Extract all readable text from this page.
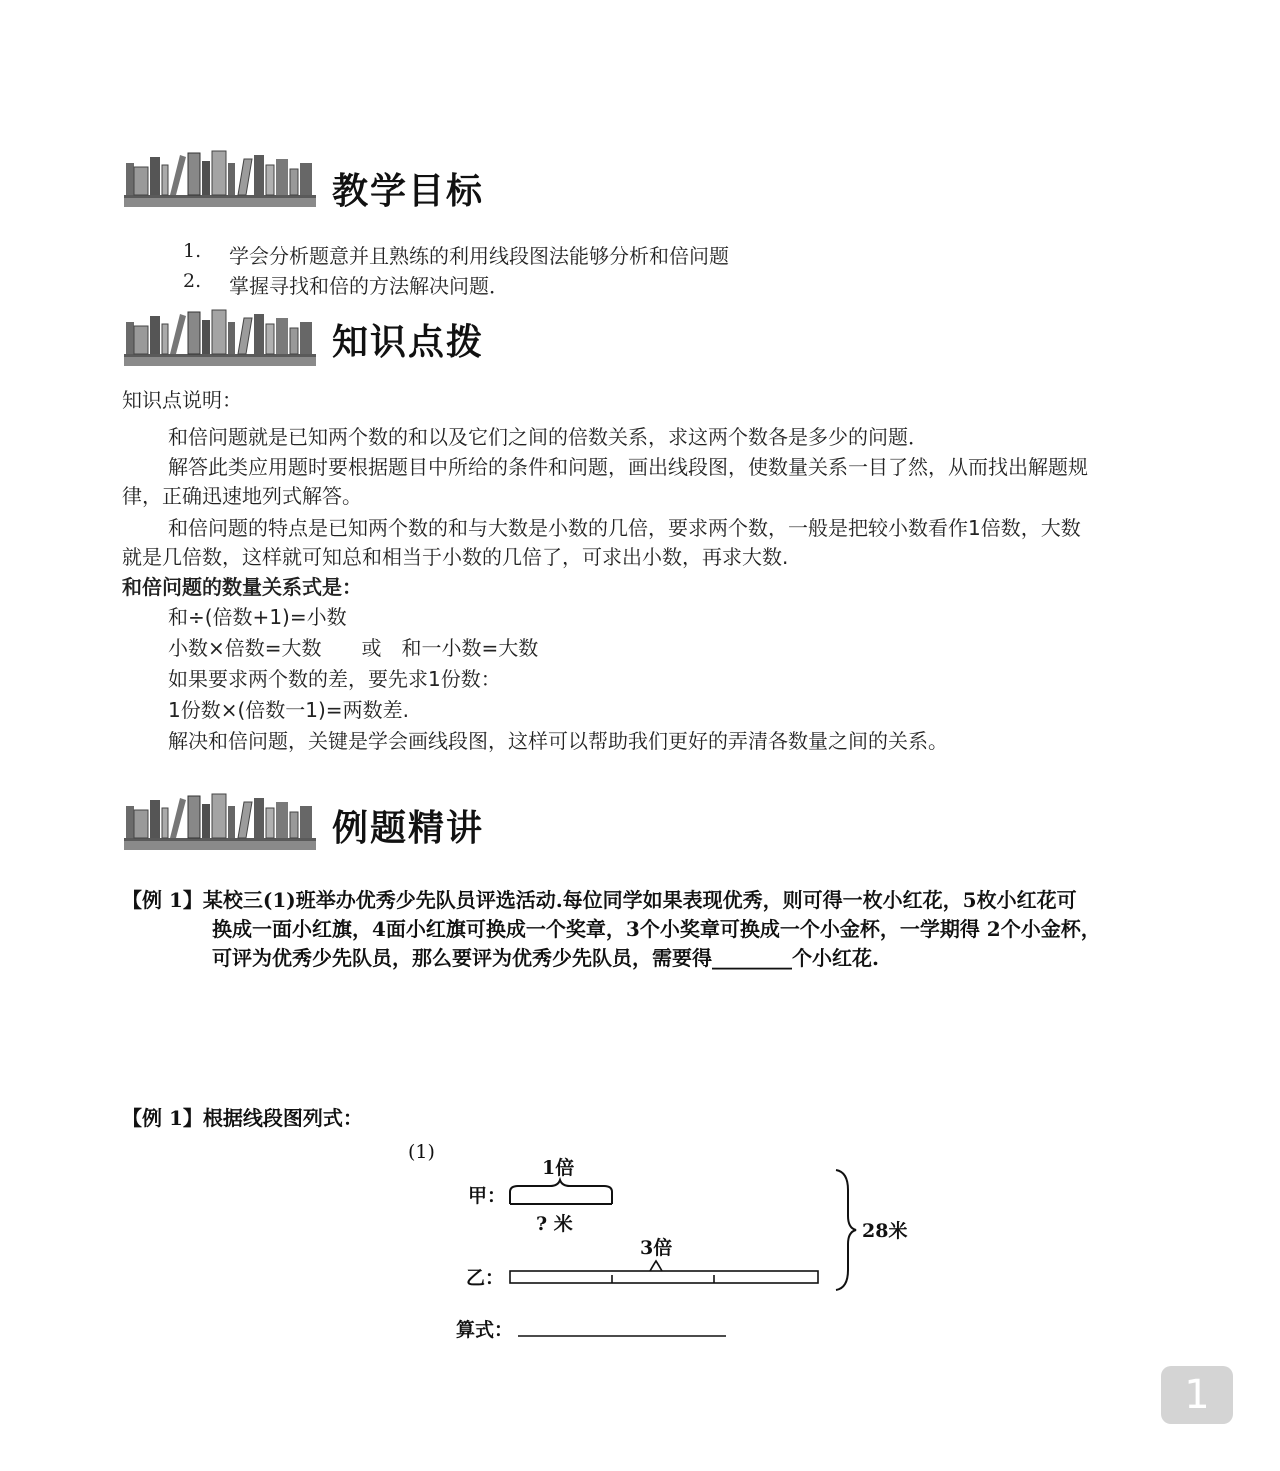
教学目标
1. 学会分析题意并且熟练的利用线段图法能够分析和倍问题
2. 掌握寻找和倍的方法解决问题．
知识点拨
知识点说明：
和倍问题就是已知两个数的和以及它们之间的倍数关系，求这两个数各是多少的问题．
解答此类应用题时要根据题目中所给的条件和问题，画出线段图，使数量关系一目了然，从而找出解题规
律，正确迅速地列式解答。
和倍问题的特点是已知两个数的和与大数是小数的几倍，要求两个数，一般是把较小数看作1倍数，大数
就是几倍数，这样就可知总和相当于小数的几倍了，可求出小数，再求大数.
和倍问题的数量关系式是：
和÷(倍数+1)=小数
小数×倍数=大数　　或　和一小数=大数
如果要求两个数的差，要先求1份数：
1份数×(倍数一1)=两数差.
解决和倍问题，关键是学会画线段图，这样可以帮助我们更好的弄清各数量之间的关系。
例题精讲
【例 1】某校三(1)班举办优秀少先队员评选活动.每位同学如果表现优秀，则可得一枚小红花，5枚小红花可
换成一面小红旗，4面小红旗可换成一个奖章，3个小奖章可换成一个小金杯，一学期得 2个小金杯，
可评为优秀少先队员，那么要评为优秀少先队员，需要得________个小红花.
【例 1】根据线段图列式：
(1)
甲：
1倍
? 米
3倍
乙：
28米
算式：
1
